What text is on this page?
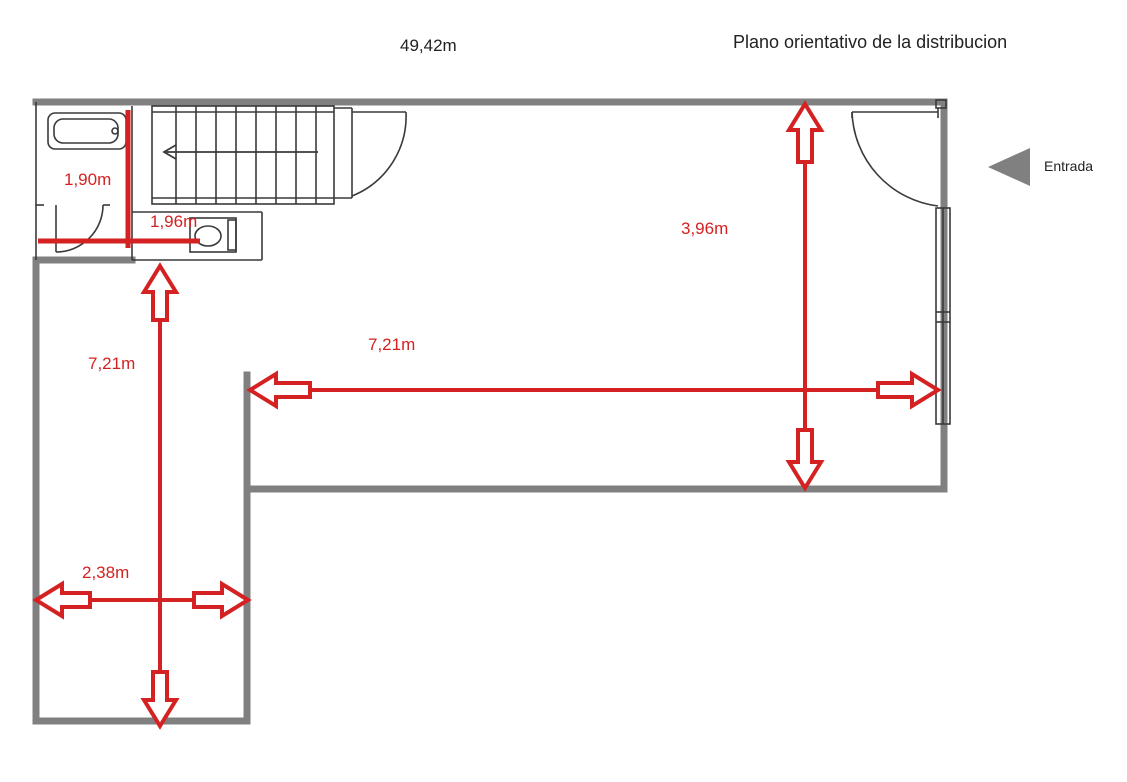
Plano orientativo de la distribucion
49,42m
Entrada
1,90m
1,96m
7,21m
3,96m
7,21m
2,38m
